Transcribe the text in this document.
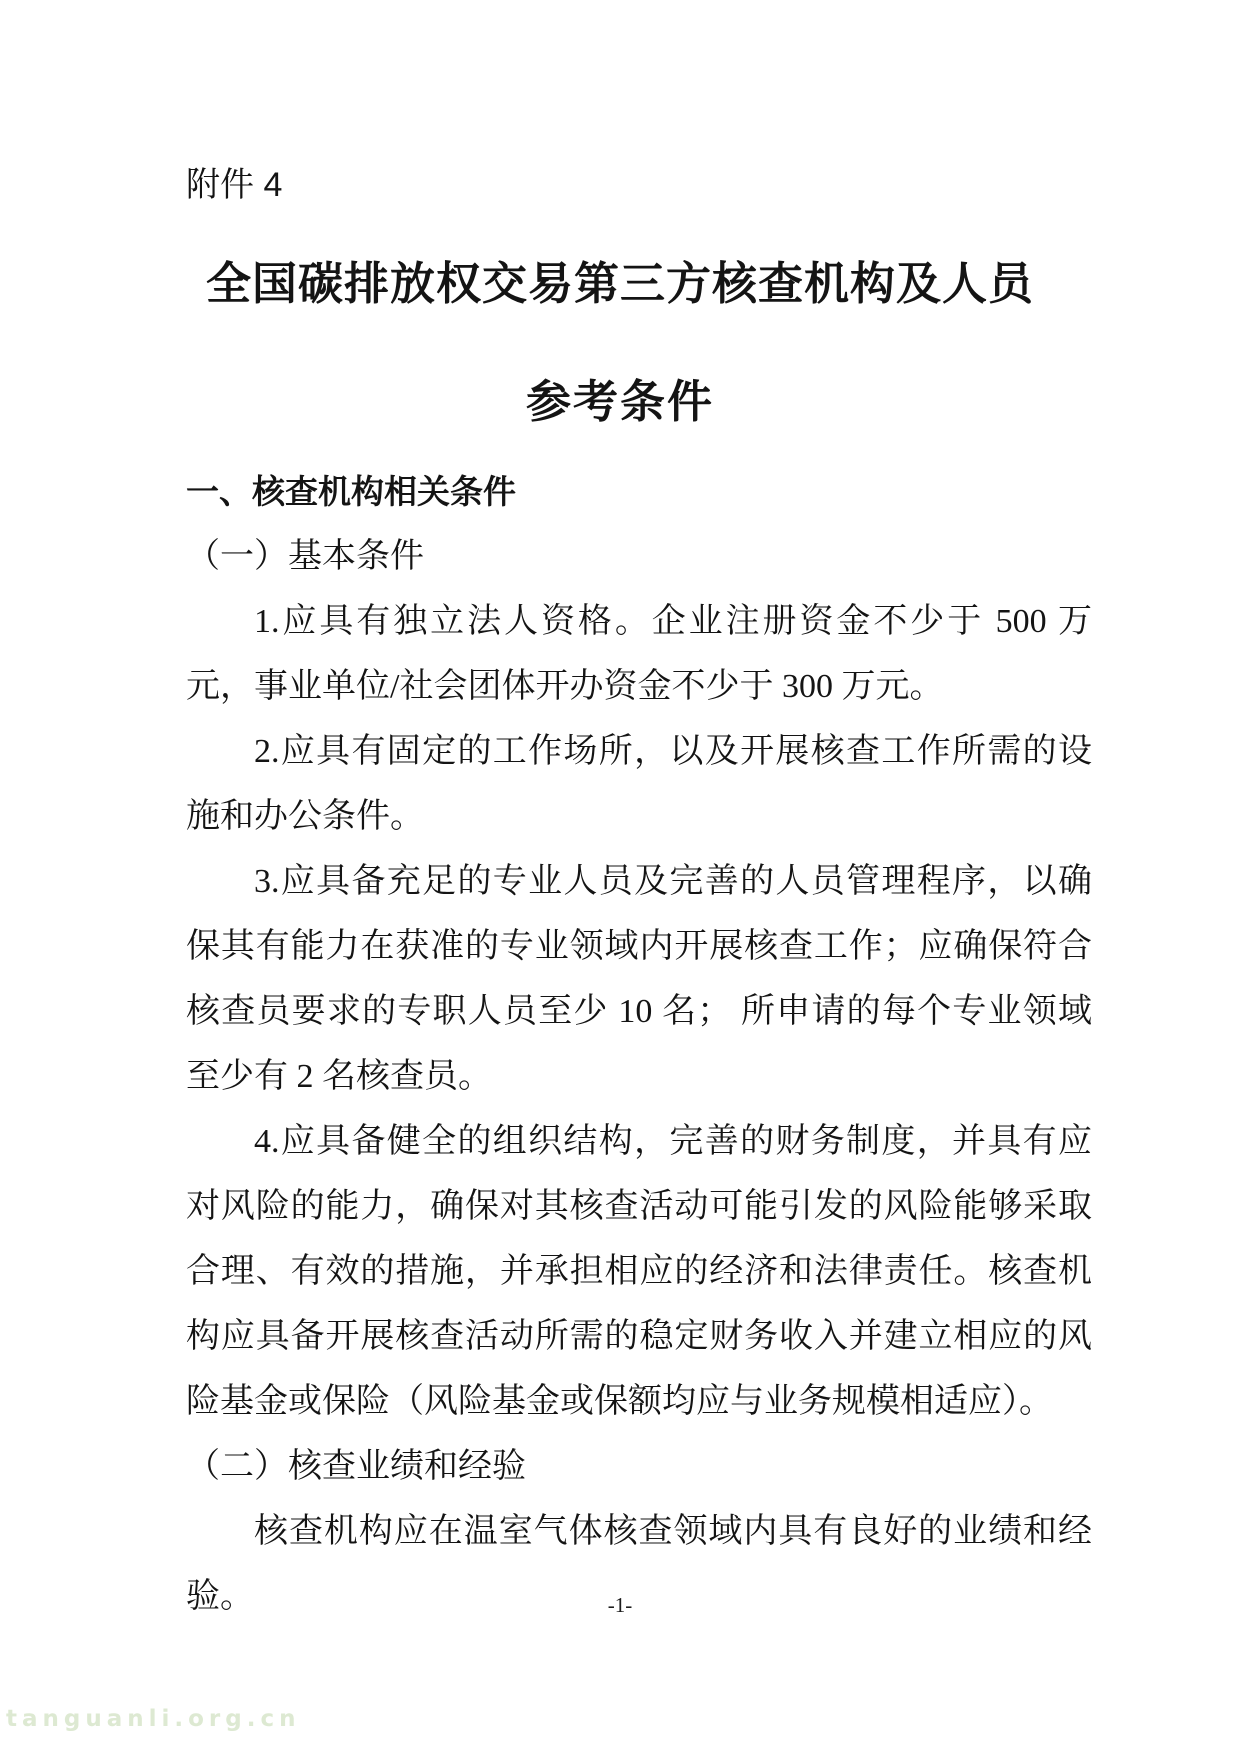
附件 4
全国碳排放权交易第三方核查机构及人员
参考条件
一、核查机构相关条件
（一）基本条件

1.应具有独立法人资格。企业注册资金不少于 500 万元，事业单位/社会团体开办资金不少于 300 万元。

2.应具有固定的工作场所，以及开展核查工作所需的设施和办公条件。

3.应具备充足的专业人员及完善的人员管理程序，以确保其有能力在获准的专业领域内开展核查工作；应确保符合核查员要求的专职人员至少 10 名； 所申请的每个专业领域至少有 2 名核查员。

4.应具备健全的组织结构，完善的财务制度，并具有应对风险的能力，确保对其核查活动可能引发的风险能够采取合理、有效的措施，并承担相应的经济和法律责任。核查机构应具备开展核查活动所需的稳定财务收入并建立相应的风险基金或保险（风险基金或保额均应与业务规模相适应）。

（二）核查业绩和经验

核查机构应在温室气体核查领域内具有良好的业绩和经验。	-1-
tanguanli.org.cn
